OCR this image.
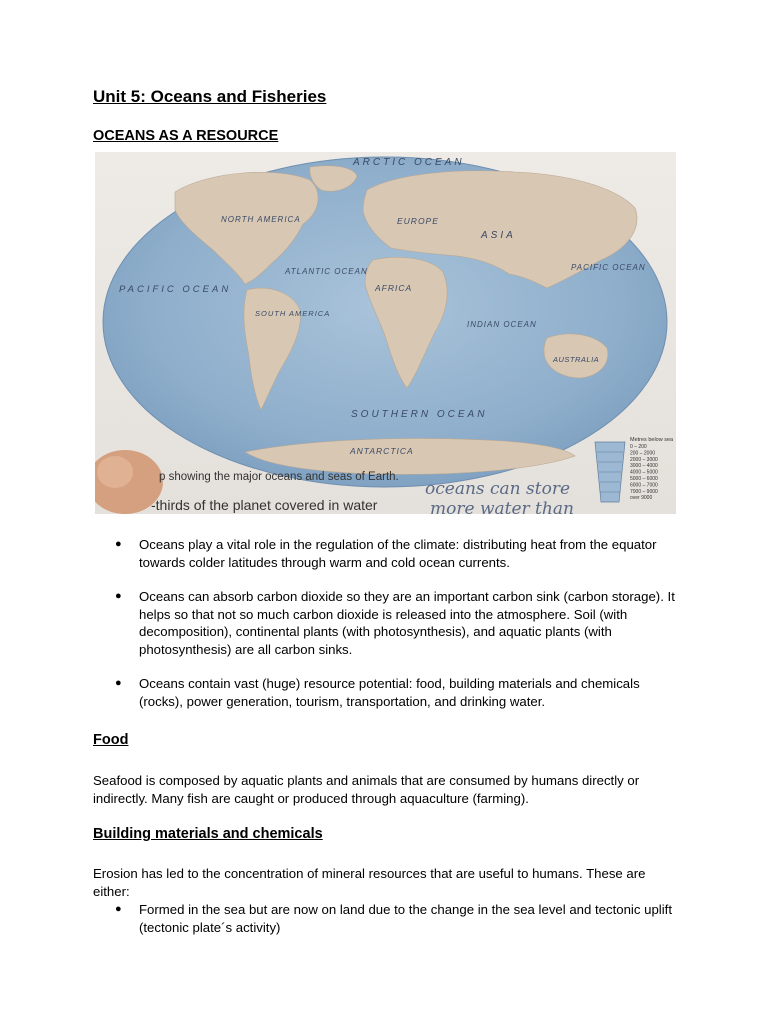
Unit 5: Oceans and Fisheries
OCEANS AS A RESOURCE
ARCTIC OCEAN
NORTH AMERICA	EUROPE
ASIA
ATLANTIC OCEAN
PACIFIC OCEAN	AFRICA
PACIFIC OCEAN
SOUTH AMERICA
INDIAN OCEAN
AUSTRALIA
SOUTHERN OCEAN
ANTARCTICA
Metres below sea
0 – 200
200 – 2000
2000 – 3000
3000 – 4000
4000 – 5000
5000 – 6000
6000 – 7000
7000 – 9000
over 9000
p showing the major oceans and seas of Earth.
-thirds of the planet covered in water
oceans can store
more water than
● Oceans play a vital role in the regulation of the climate: distributing heat from the equator towards colder latitudes through warm and cold ocean currents.
● Oceans can absorb carbon dioxide so they are an important carbon sink (carbon storage). It helps so that not so much carbon dioxide is released into the atmosphere. Soil (with decomposition), continental plants (with photosynthesis), and aquatic plants (with photosynthesis) are all carbon sinks.
● Oceans contain vast (huge) resource potential: food, building materials and chemicals (rocks), power generation, tourism, transportation, and drinking water.
Food
Seafood is composed by aquatic plants and animals that are consumed by humans directly or indirectly. Many fish are caught or produced through aquaculture (farming).
Building materials and chemicals
Erosion has led to the concentration of mineral resources that are useful to humans. These are either:
● Formed in the sea but are now on land due to the change in the sea level and tectonic uplift (tectonic plate´s activity)
